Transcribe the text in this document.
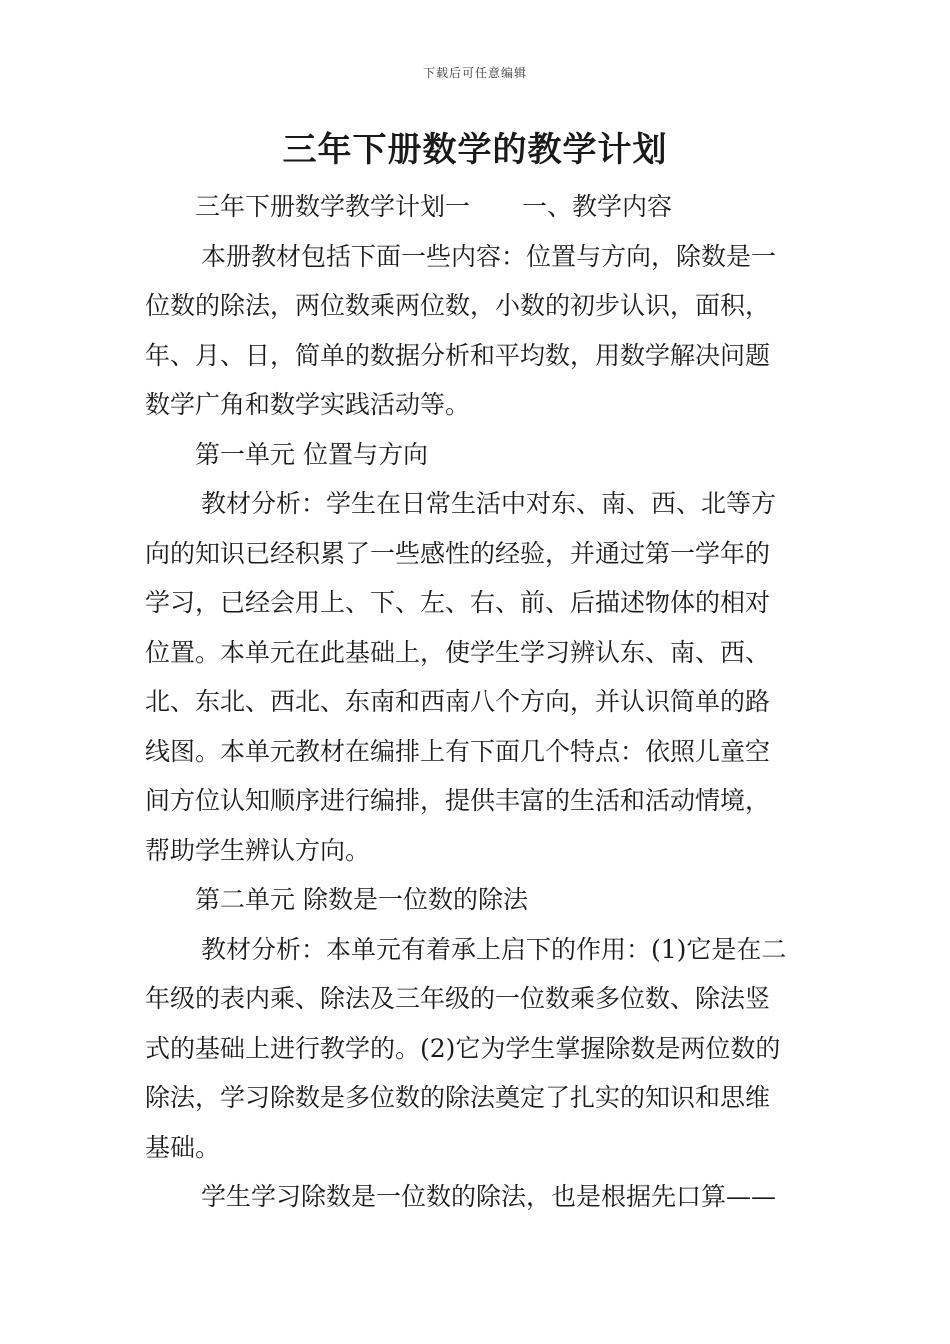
下载后可任意编辑
三年下册数学的教学计划
三年下册数学教学计划一 一、教学内容
本册教材包括下面一些内容：位置与方向，除数是一
位数的除法，两位数乘两位数，小数的初步认识，面积，
年、月、日，简单的数据分析和平均数，用数学解决问题
数学广角和数学实践活动等。
第一单元 位置与方向
教材分析：学生在日常生活中对东、南、西、北等方
向的知识已经积累了一些感性的经验，并通过第一学年的
学习，已经会用上、下、左、右、前、后描述物体的相对
位置。本单元在此基础上，使学生学习辨认东、南、西、
北、东北、西北、东南和西南八个方向，并认识简单的路
线图。本单元教材在编排上有下面几个特点：依照儿童空
间方位认知顺序进行编排，提供丰富的生活和活动情境，
帮助学生辨认方向。
第二单元 除数是一位数的除法
教材分析：本单元有着承上启下的作用：(1)它是在二
年级的表内乘、除法及三年级的一位数乘多位数、除法竖
式的基础上进行教学的。(2)它为学生掌握除数是两位数的
除法，学习除数是多位数的除法奠定了扎实的知识和思维
基础。
学生学习除数是一位数的除法，也是根据先口算——
